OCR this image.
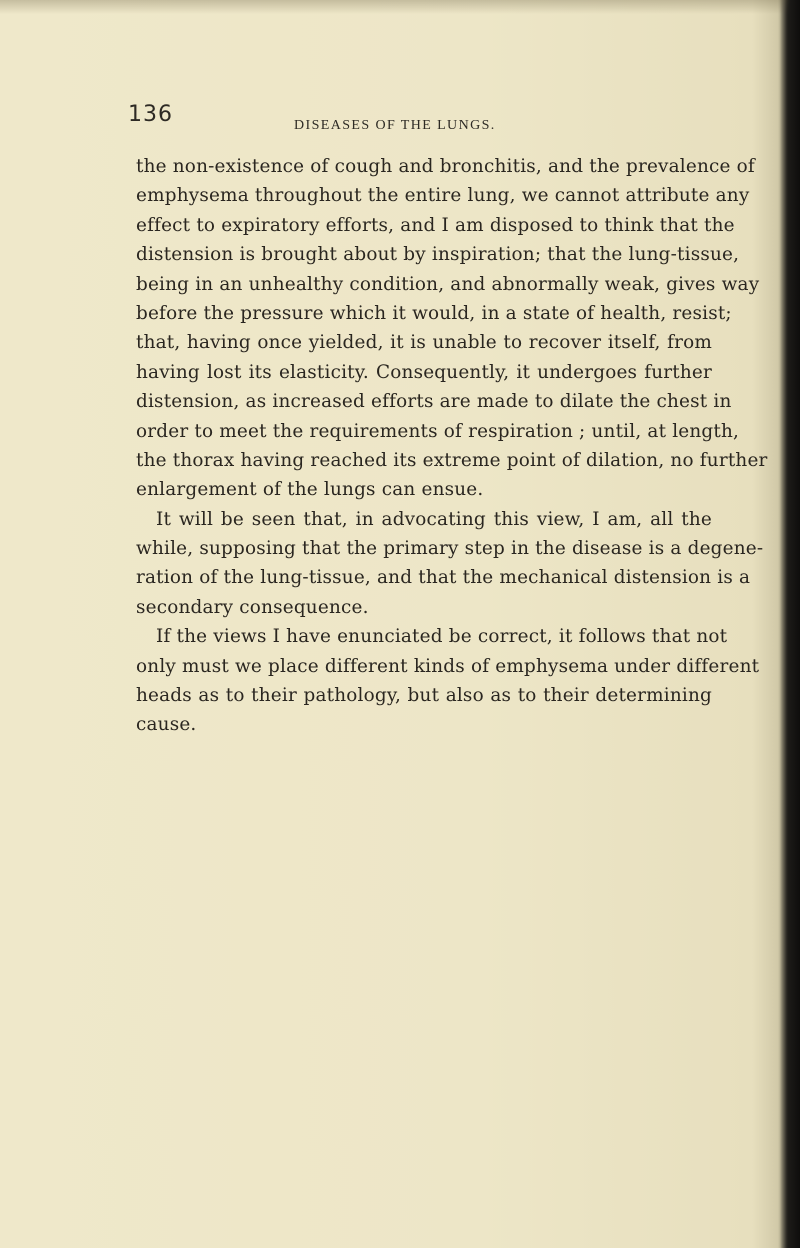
136	DISEASES OF THE LUNGS.
the non-existence of cough and bronchitis, and the prevalence of
emphysema throughout the entire lung, we cannot attribute any
effect to expiratory efforts, and I am disposed to think that the
distension is brought about by inspiration; that the lung-tissue,
being in an unhealthy condition, and abnormally weak, gives way
before the pressure which it would, in a state of health, resist;
that, having once yielded, it is unable to recover itself, from
having lost its elasticity. Consequently, it undergoes further
distension, as increased efforts are made to dilate the chest in
order to meet the requirements of respiration ; until, at length,
the thorax having reached its extreme point of dilation, no further
enlargement of the lungs can ensue.
It will be seen that, in advocating this view, I am, all the
while, supposing that the primary step in the disease is a degene-
ration of the lung-tissue, and that the mechanical distension is a
secondary consequence.
If the views I have enunciated be correct, it follows that not
only must we place different kinds of emphysema under different
heads as to their pathology, but also as to their determining
cause.
